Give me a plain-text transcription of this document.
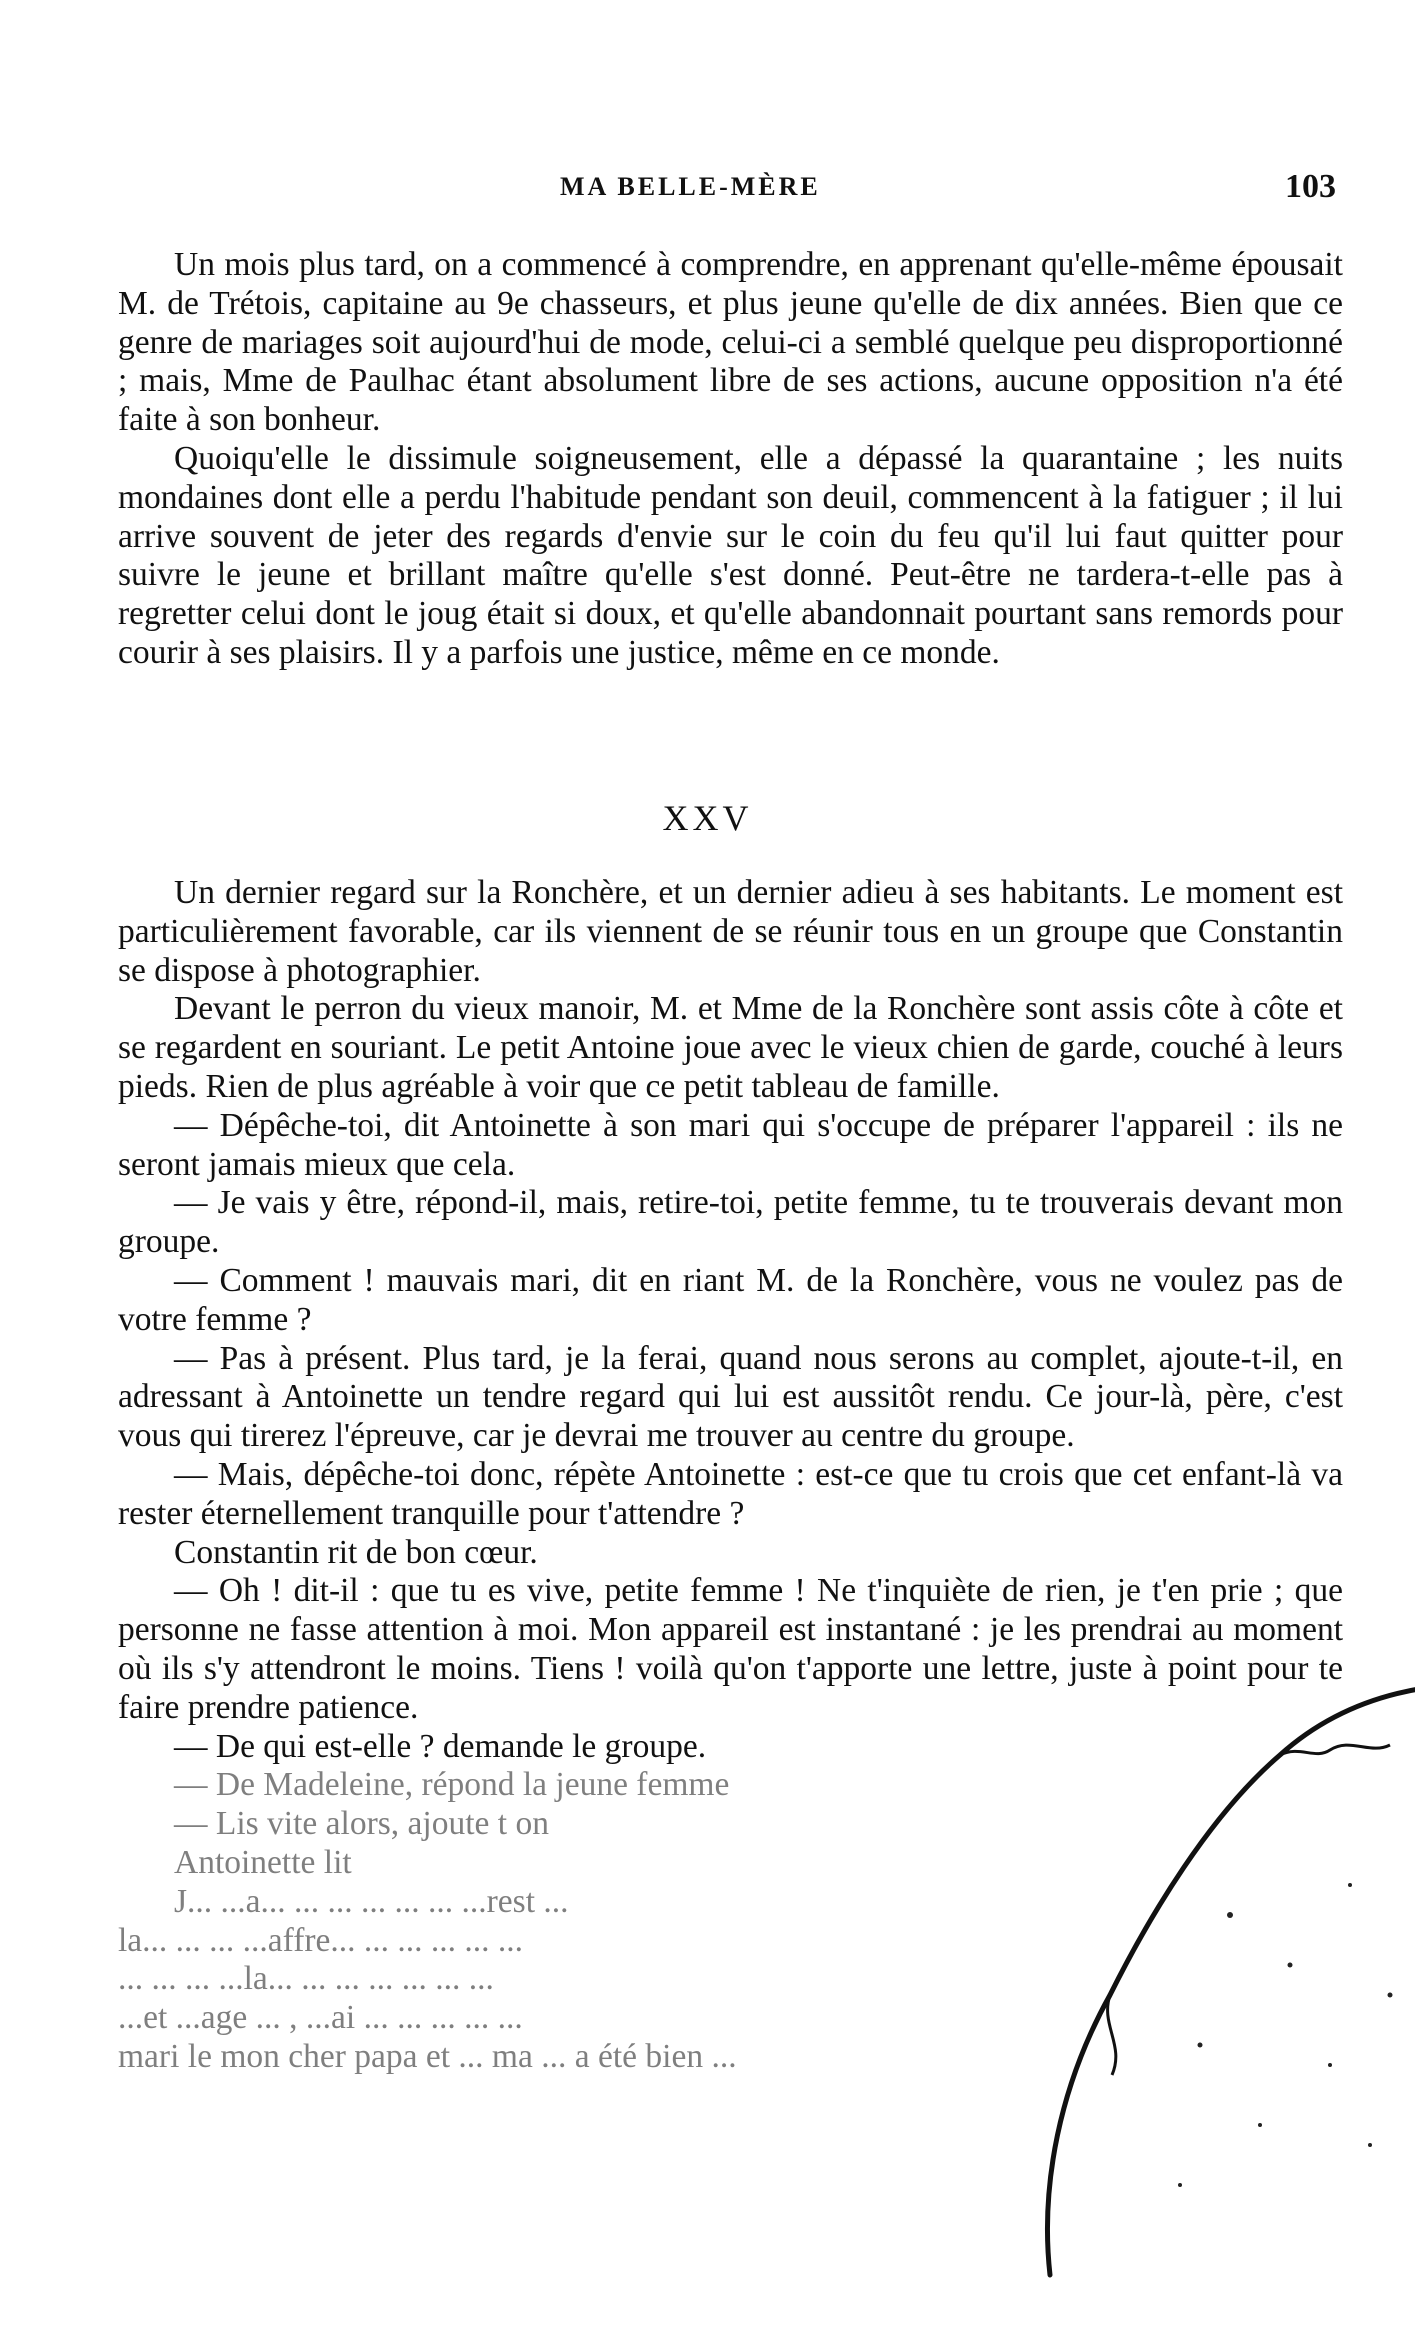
MA BELLE-MÈRE	103

Un mois plus tard, on a commencé à comprendre, en apprenant qu'elle-même épousait M. de Trétois, capitaine au 9e chasseurs, et plus jeune qu'elle de dix années. Bien que ce genre de mariages soit aujourd'hui de mode, celui-ci a semblé quelque peu disproportionné ; mais, Mme de Paulhac étant absolument libre de ses actions, aucune opposition n'a été faite à son bonheur.

Quoiqu'elle le dissimule soigneusement, elle a dépassé la quarantaine ; les nuits mondaines dont elle a perdu l'habitude pendant son deuil, commencent à la fatiguer ; il lui arrive souvent de jeter des regards d'envie sur le coin du feu qu'il lui faut quitter pour suivre le jeune et brillant maître qu'elle s'est donné. Peut-être ne tardera-t-elle pas à regretter celui dont le joug était si doux, et qu'elle abandonnait pourtant sans remords pour courir à ses plaisirs. Il y a parfois une justice, même en ce monde.

XXV

Un dernier regard sur la Ronchère, et un dernier adieu à ses habitants. Le moment est particulièrement favorable, car ils viennent de se réunir tous en un groupe que Constantin se dispose à photographier.

Devant le perron du vieux manoir, M. et Mme de la Ronchère sont assis côte à côte et se regardent en souriant. Le petit Antoine joue avec le vieux chien de garde, couché à leurs pieds. Rien de plus agréable à voir que ce petit tableau de famille.

— Dépêche-toi, dit Antoinette à son mari qui s'occupe de préparer l'appareil : ils ne seront jamais mieux que cela.

— Je vais y être, répond-il, mais, retire-toi, petite femme, tu te trouverais devant mon groupe.

— Comment ! mauvais mari, dit en riant M. de la Ronchère, vous ne voulez pas de votre femme ?

— Pas à présent. Plus tard, je la ferai, quand nous serons au complet, ajoute-t-il, en adressant à Antoinette un tendre regard qui lui est aussitôt rendu. Ce jour-là, père, c'est vous qui tirerez l'épreuve, car je devrai me trouver au centre du groupe.

— Mais, dépêche-toi donc, répète Antoinette : est-ce que tu crois que cet enfant-là va rester éternellement tranquille pour t'attendre ?

Constantin rit de bon cœur.

— Oh ! dit-il : que tu es vive, petite femme ! Ne t'inquiète de rien, je t'en prie ; que personne ne fasse attention à moi. Mon appareil est instantané : je les prendrai au moment où ils s'y attendront le moins. Tiens ! voilà qu'on t'apporte une lettre, juste à point pour te faire prendre patience.

— De qui est-elle ? demande le groupe.

— De Madeleine, répond la jeune femme

— Lis vite alors, ajoute t on

Antoinette lit

J... ...a... ... ... ... ... ... ...rest ...

la... ... ... ...affre... ... ... ... ... ...

... ... ... ...la... ... ... ... ... ... ...

...et ...age ... , ...ai ... ... ... ... ...

mari le mon cher papa et ... ma ... a été bien ...
